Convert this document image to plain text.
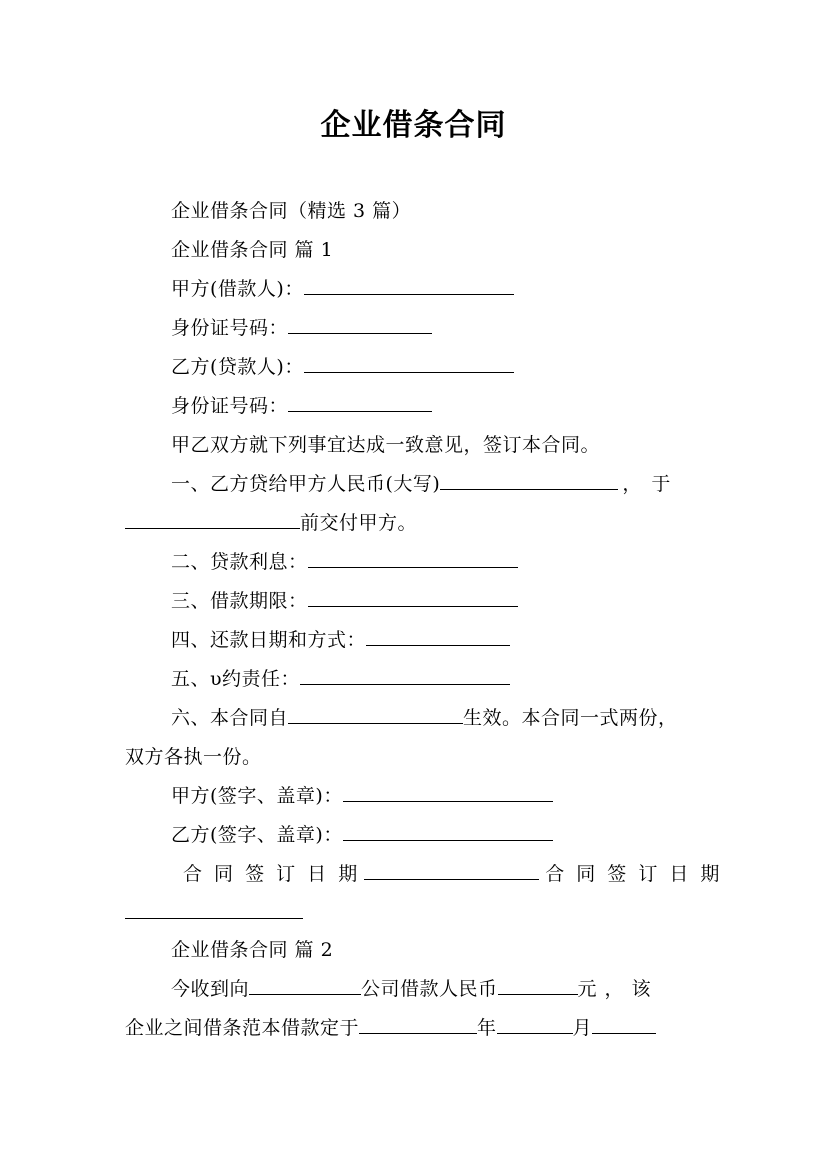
企业借条合同
企业借条合同（精选 3 篇）
企业借条合同 篇 1
甲方(借款人)：
身份证号码：
乙方(贷款人)：
身份证号码：
甲乙双方就下列事宜达成一致意见，签订本合同。
一、乙方贷给甲方人民币(大写)	，于
前交付甲方。
二、贷款利息：
三、借款期限：
四、还款日期和方式：
五、υ约责任：
六、本合同自	生效。本合同一式两份，
双方各执一份。
甲方(签字、盖章)：
乙方(签字、盖章)：
合 同 签 订 日 期	合 同 签 订 日 期
企业借条合同 篇 2
今收到向	公司借款人民币	元，该
企业之间借条范本借款定于	年	月
